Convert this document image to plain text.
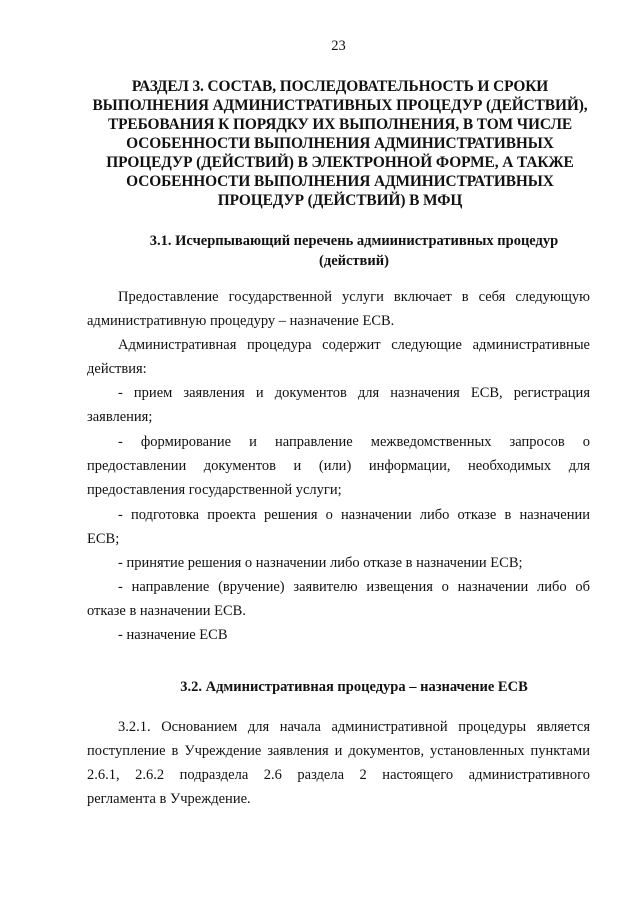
23
РАЗДЕЛ 3. СОСТАВ, ПОСЛЕДОВАТЕЛЬНОСТЬ И СРОКИ
ВЫПОЛНЕНИЯ АДМИНИСТРАТИВНЫХ ПРОЦЕДУР (ДЕЙСТВИЙ),
ТРЕБОВАНИЯ К ПОРЯДКУ ИХ ВЫПОЛНЕНИЯ, В ТОМ ЧИСЛЕ
ОСОБЕННОСТИ ВЫПОЛНЕНИЯ АДМИНИСТРАТИВНЫХ
ПРОЦЕДУР (ДЕЙСТВИЙ) В ЭЛЕКТРОННОЙ ФОРМЕ, А ТАКЖЕ
ОСОБЕННОСТИ ВЫПОЛНЕНИЯ АДМИНИСТРАТИВНЫХ
ПРОЦЕДУР (ДЕЙСТВИЙ) В МФЦ
3.1. Исчерпывающий перечень адмиинистративных процедур
(действий)
Предоставление государственной услуги включает в себя следующую
административную процедуру – назначение ЕСВ.
Административная процедура содержит следующие административные
действия:
- прием заявления и документов для назначения ЕСВ, регистрация
заявления;
- формирование и направление межведомственных запросов о
предоставлении документов и (или) информации, необходимых для
предоставления государственной услуги;
- подготовка проекта решения о назначении либо отказе в назначении
ЕСВ;
- принятие решения о назначении либо отказе в назначении ЕСВ;
- направление (вручение) заявителю извещения о назначении либо об
отказе в назначении ЕСВ.
- назначение ЕСВ
3.2. Административная процедура – назначение ЕСВ
3.2.1. Основанием для начала административной процедуры является
поступление в Учреждение заявления и документов, установленных пунктами
2.6.1, 2.6.2 подраздела 2.6 раздела 2 настоящего административного
регламента в Учреждение.
